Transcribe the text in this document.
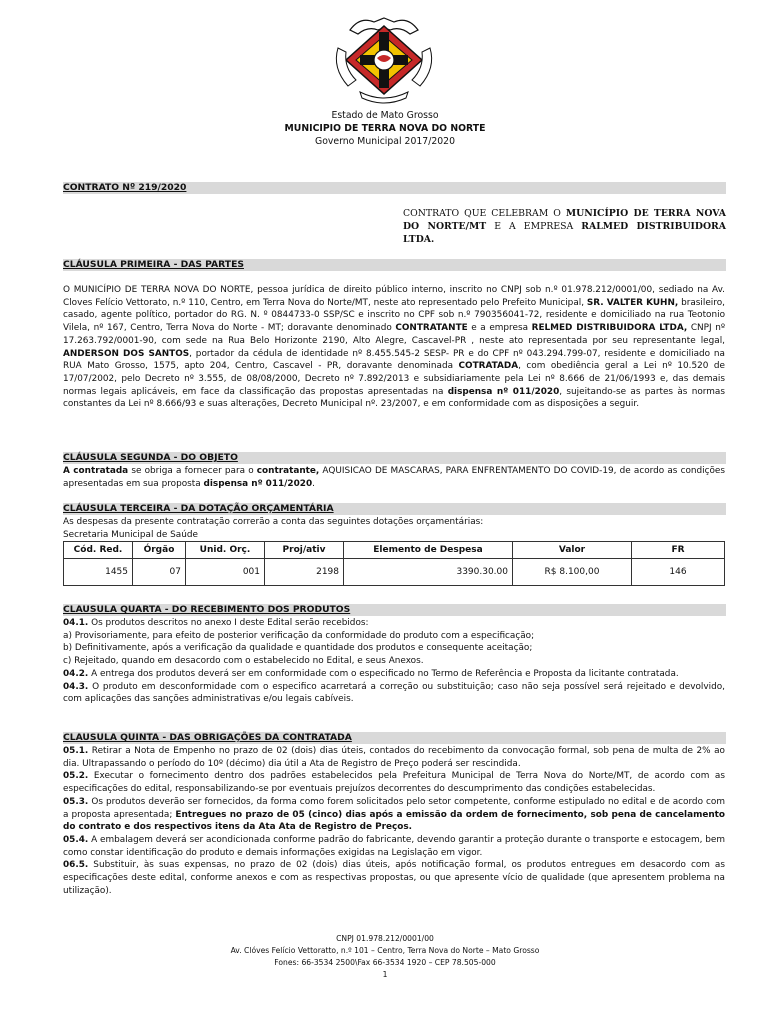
Estado de Mato Grosso
MUNICIPIO DE TERRA NOVA DO NORTE
Governo Municipal 2017/2020
CONTRATO Nº 219/2020
CONTRATO QUE CELEBRAM O MUNICÍPIO DE TERRA NOVA DO NORTE/MT E A EMPRESA RALMED DISTRIBUIDORA LTDA.
CLÁUSULA PRIMEIRA - DAS PARTES
O MUNICÍPIO DE TERRA NOVA DO NORTE, pessoa jurídica de direito público interno, inscrito no CNPJ sob n.º 01.978.212/0001/00, sediado na Av. Cloves Felício Vettorato, n.º 110, Centro, em Terra Nova do Norte/MT, neste ato representado pelo Prefeito Municipal, SR. VALTER KUHN, brasileiro, casado, agente político, portador do RG. N. º 0844733-0 SSP/SC e inscrito no CPF sob n.º 790356041-72, residente e domiciliado na rua Teotonio Vilela, nº 167, Centro, Terra Nova do Norte - MT; doravante denominado CONTRATANTE e a empresa RELMED DISTRIBUIDORA LTDA, CNPJ nº 17.263.792/0001-90, com sede na Rua Belo Horizonte 2190, Alto Alegre, Cascavel-PR , neste ato representada por seu representante legal, ANDERSON DOS SANTOS, portador da cédula de identidade nº 8.455.545-2 SESP- PR e do CPF nº 043.294.799-07, residente e domiciliado na RUA Mato Grosso, 1575, apto 204, Centro, Cascavel - PR, doravante denominada COTRATADA, com obediência geral a Lei nº 10.520 de 17/07/2002, pelo Decreto nº 3.555, de 08/08/2000, Decreto nº 7.892/2013 e subsidiariamente pela Lei nº 8.666 de 21/06/1993 e, das demais normas legais aplicáveis, em face da classificação das propostas apresentadas na dispensa nº 011/2020, sujeitando-se as partes às normas constantes da Lei nº 8.666/93 e suas alterações, Decreto Municipal nº. 23/2007, e em conformidade com as disposições a seguir.
CLÁUSULA SEGUNDA - DO OBJETO
A contratada se obriga a fornecer para o contratante, AQUISICAO DE MASCARAS, PARA ENFRENTAMENTO DO COVID-19, de acordo as condições apresentadas em sua proposta dispensa nº 011/2020.
CLÁUSULA TERCEIRA - DA DOTAÇÃO ORÇAMENTÁRIA

As despesas da presente contratação correrão a conta das seguintes dotações orçamentárias:

Secretaria Municipal de Saúde

Cód. Red.	Órgão	Unid. Orç.	Proj/ativ	Elemento de Despesa	Valor	FR
1455	07	001	2198	3390.30.00	R$ 8.100,00	146
CLAUSULA QUARTA - DO RECEBIMENTO DOS PRODUTOS

04.1. Os produtos descritos no anexo I deste Edital serão recebidos:

a) Provisoriamente, para efeito de posterior verificação da conformidade do produto com a especificação;

b) Definitivamente, após a verificação da qualidade e quantidade dos produtos e consequente aceitação;

c) Rejeitado, quando em desacordo com o estabelecido no Edital, e seus Anexos.

04.2. A entrega dos produtos deverá ser em conformidade com o especificado no Termo de Referência e Proposta da licitante contratada.

04.3. O produto em desconformidade com o especifico acarretará a correção ou substituição; caso não seja possível será rejeitado e devolvido, com aplicações das sanções administrativas e/ou legais cabíveis.

CLAUSULA QUINTA - DAS OBRIGAÇÕES DA CONTRATADA

05.1. Retirar a Nota de Empenho no prazo de 02 (dois) dias úteis, contados do recebimento da convocação formal, sob pena de multa de 2% ao dia. Ultrapassando o período do 10º (décimo) dia útil a Ata de Registro de Preço poderá ser rescindida.

05.2. Executar o fornecimento dentro dos padrões estabelecidos pela Prefeitura Municipal de Terra Nova do Norte/MT, de acordo com as especificações do edital, responsabilizando-se por eventuais prejuízos decorrentes do descumprimento das condições estabelecidas.

05.3. Os produtos deverão ser fornecidos, da forma como forem solicitados pelo setor competente, conforme estipulado no edital e de acordo com a proposta apresentada; Entregues no prazo de 05 (cinco) dias após a emissão da ordem de fornecimento, sob pena de cancelamento do contrato e dos respectivos itens da Ata Ata de Registro de Preços.

05.4. A embalagem deverá ser acondicionada conforme padrão do fabricante, devendo garantir a proteção durante o transporte e estocagem, bem como constar identificação do produto e demais informações exigidas na Legislação em vigor.

06.5. Substituir, às suas expensas, no prazo de 02 (dois) dias úteis, após notificação formal, os produtos entregues em desacordo com as especificações deste edital, conforme anexos e com as respectivas propostas, ou que apresente vício de qualidade (que apresentem problema na utilização).

CNPJ 01.978.212/0001/00
Av. Clóves Felício Vettoratto, n.º 101 – Centro, Terra Nova do Norte – Mato Grosso
Fones: 66-3534 2500\Fax 66-3534 1920 – CEP 78.505-000
1
